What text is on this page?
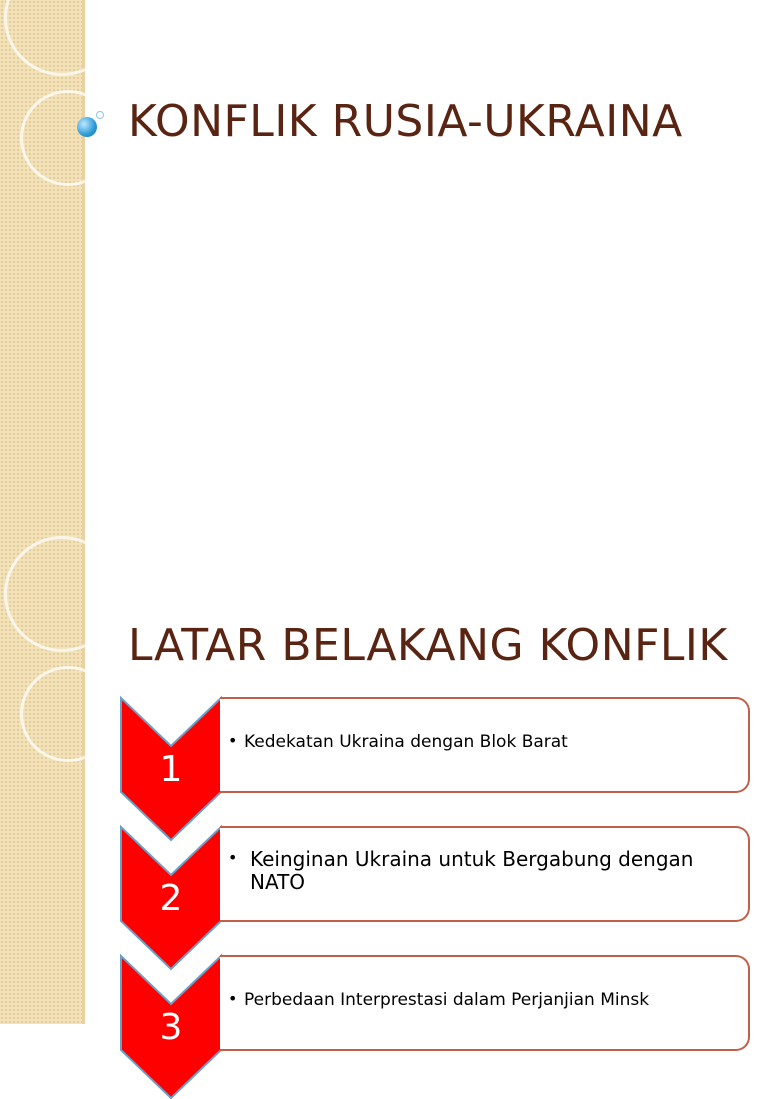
KONFLIK RUSIA-UKRAINA
LATAR BELAKANG KONFLIK
1
• Kedekatan Ukraina dengan Blok Barat
2
• Keinginan Ukraina untuk Bergabung dengan NATO
3
• Perbedaan Interprestasi dalam Perjanjian Minsk
